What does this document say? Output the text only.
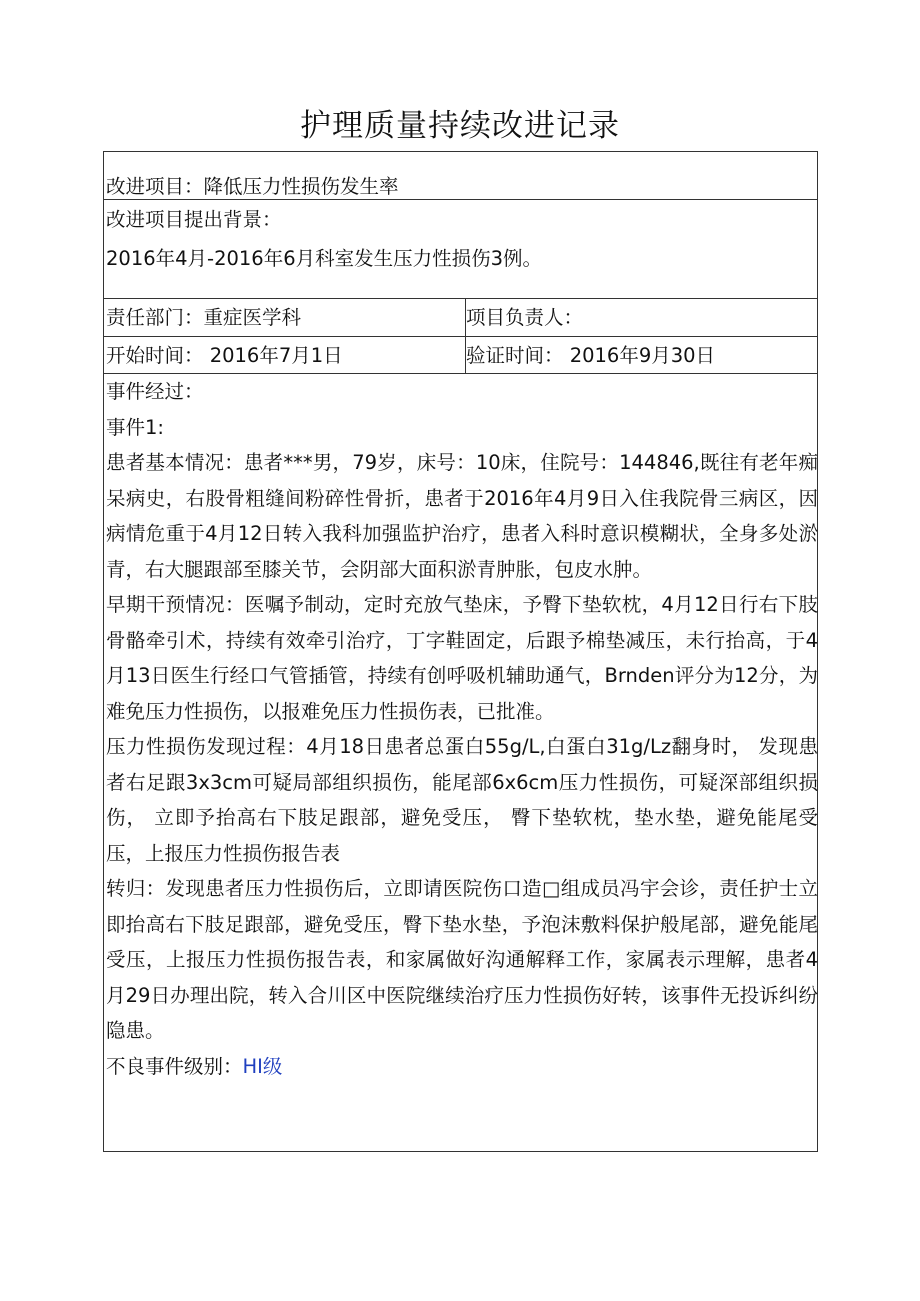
护理质量持续改进记录
改进项目：降低压力性损伤发生率
改进项目提出背景：
2016年4月-2016年6月科室发生压力性损伤3例。
责任部门：重症医学科	项目负责人：
开始时间： 2016年7月1日	验证时间： 2016年9月30日

事件经过：

事件1:

患者基本情况：患者***男，79岁，床号：10床，住院号：144846,既往有老年痴呆病史，右股骨粗缝间粉碎性骨折，患者于2016年4月9日入住我院骨三病区，因病情危重于4月12日转入我科加强监护治疗，患者入科时意识模糊状，全身多处淤青，右大腿跟部至膝关节，会阴部大面积淤青肿胀，包皮水肿。

早期干预情况：医嘱予制动，定时充放气垫床，予臀下垫软枕，4月12日行右下肢骨骼牵引术，持续有效牵引治疗，丁字鞋固定，后跟予棉垫减压，未行抬高，于4月13日医生行经口气管插管，持续有创呼吸机辅助通气，Brnden评分为12分，为难免压力性损伤，以报难免压力性损伤表，已批准。

压力性损伤发现过程：4月18日患者总蛋白55g/L,白蛋白31g/Lz翻身时， 发现患者右足跟3x3cm可疑局部组织损伤，能尾部6x6cm压力性损伤，可疑深部组织损伤， 立即予抬高右下肢足跟部，避免受压， 臀下垫软枕，垫水垫，避免能尾受压，上报压力性损伤报告表

转归：发现患者压力性损伤后，立即请医院伤口造□组成员冯宇会诊，责任护士立即抬高右下肢足跟部，避免受压，臀下垫水垫，予泡沫敷料保护般尾部，避免能尾受压，上报压力性损伤报告表，和家属做好沟通解释工作，家属表示理解，患者4月29日办理出院，转入合川区中医院继续治疗压力性损伤好转，该事件无投诉纠纷隐患。

不良事件级别：HI级
